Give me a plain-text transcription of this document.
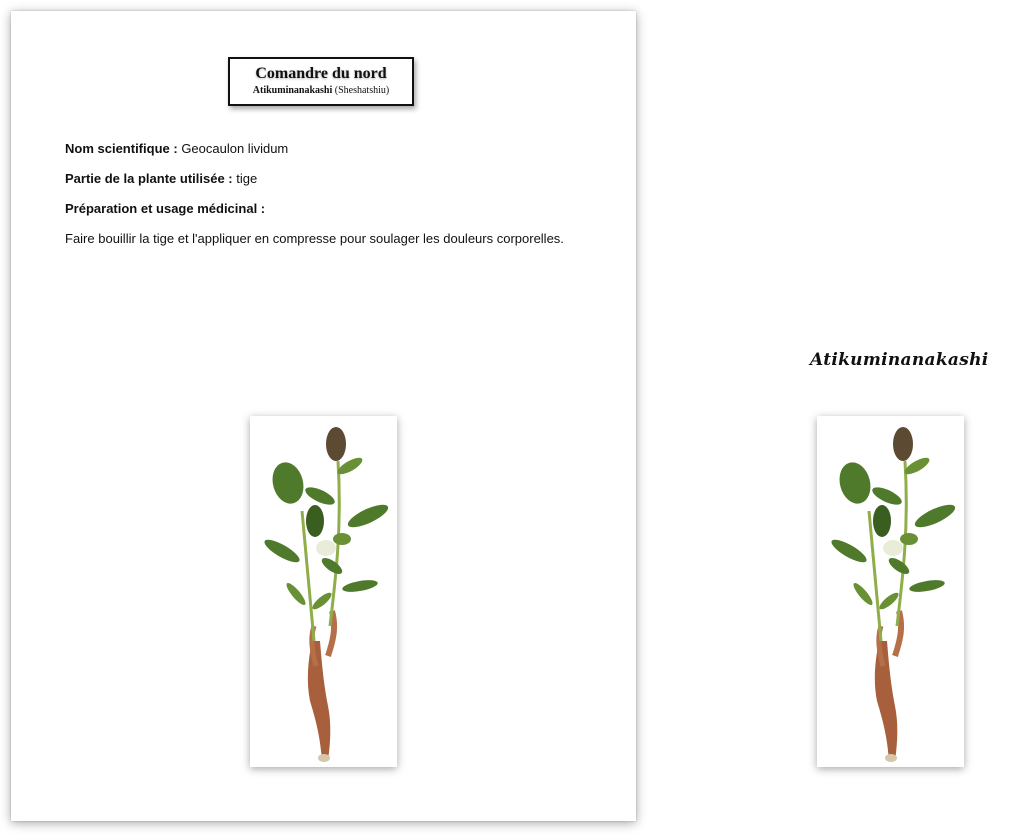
Comandre du nord
Atikuminanakashi (Sheshatshiu)
Nom scientifique : Geocaulon lividum
Partie de la plante utilisée : tige
Préparation et usage médicinal :
Faire bouillir la tige et l'appliquer en compresse pour soulager les douleurs corporelles.
Atikuminanakashi
